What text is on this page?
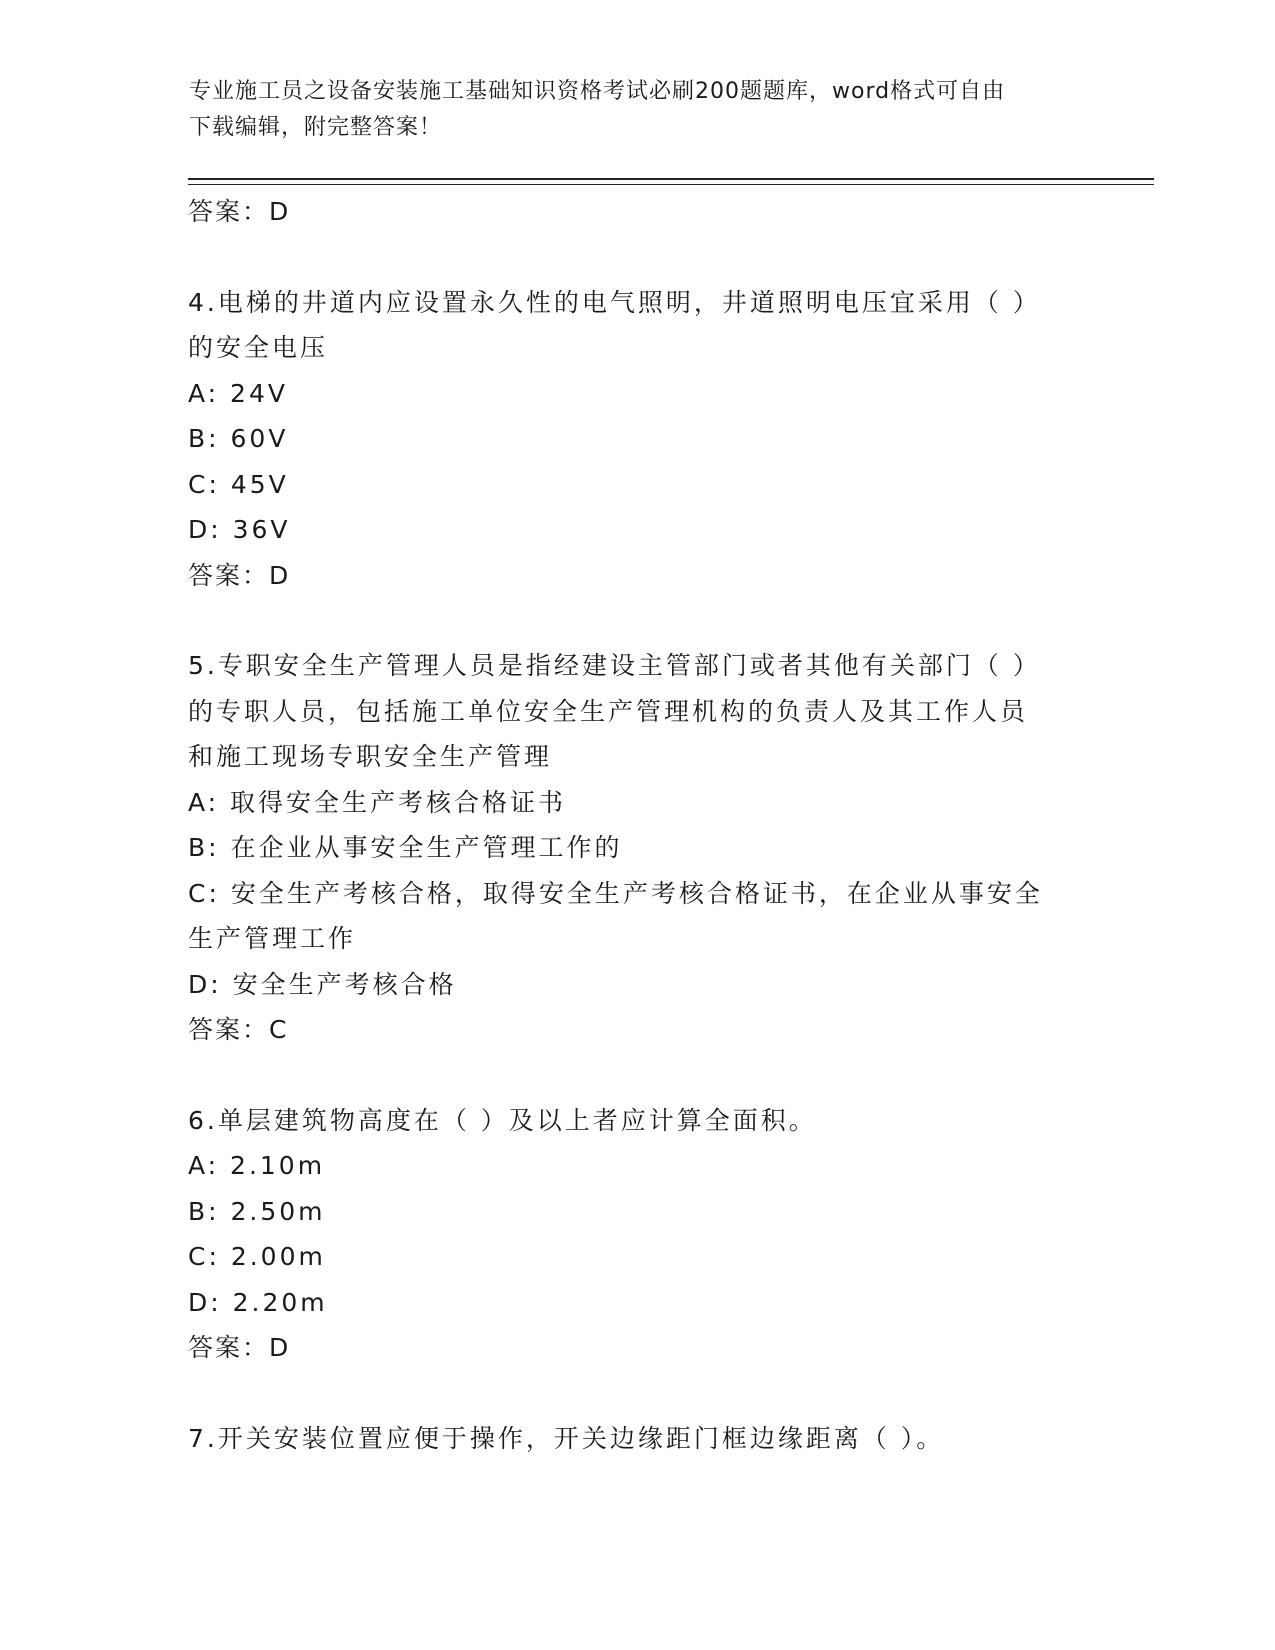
专业施工员之设备安装施工基础知识资格考试必刷200题题库，word格式可自由
下载编辑，附完整答案！
答案：D
4.电梯的井道内应设置永久性的电气照明，井道照明电压宜采用（ ）
的安全电压
A: 24V
B: 60V
C: 45V
D: 36V
答案：D
5.专职安全生产管理人员是指经建设主管部门或者其他有关部门（ ）
的专职人员，包括施工单位安全生产管理机构的负责人及其工作人员
和施工现场专职安全生产管理
A: 取得安全生产考核合格证书
B: 在企业从事安全生产管理工作的
C: 安全生产考核合格，取得安全生产考核合格证书，在企业从事安全
生产管理工作
D: 安全生产考核合格
答案：C
6.单层建筑物高度在（ ）及以上者应计算全面积。
A: 2.10m
B: 2.50m
C: 2.00m
D: 2.20m
答案：D
7.开关安装位置应便于操作，开关边缘距门框边缘距离（ ）。
